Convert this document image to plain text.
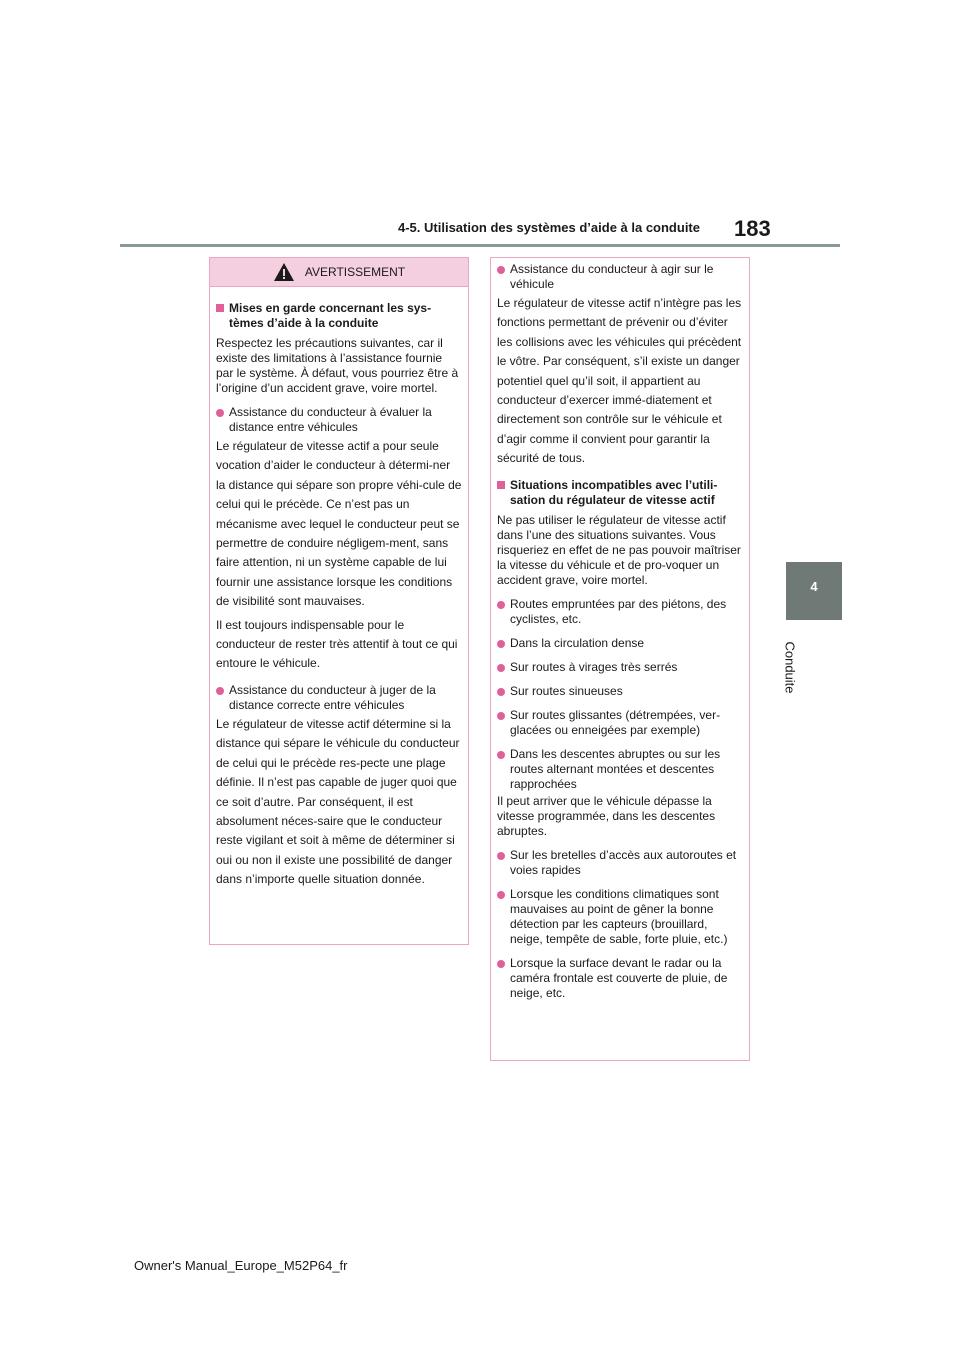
4-5. Utilisation des systèmes d’aide à la conduite 183
4
Conduite
AVERTISSEMENT
Mises en garde concernant les sys-tèmes d’aide à la conduite

Respectez les précautions suivantes, car il existe des limitations à l’assistance fournie par le système. À défaut, vous pourriez être à l’origine d’un accident grave, voire mortel.

Assistance du conducteur à évaluer la distance entre véhicules

Le régulateur de vitesse actif a pour seule vocation d’aider le conducteur à détermi-ner la distance qui sépare son propre véhi-cule de celui qui le précède. Ce n’est pas un mécanisme avec lequel le conducteur peut se permettre de conduire négligem-ment, sans faire attention, ni un système capable de lui fournir une assistance lorsque les conditions de visibilité sont mauvaises.

Il est toujours indispensable pour le conducteur de rester très attentif à tout ce qui entoure le véhicule.

Assistance du conducteur à juger de la distance correcte entre véhicules

Le régulateur de vitesse actif détermine si la distance qui sépare le véhicule du conducteur de celui qui le précède res-pecte une plage définie. Il n’est pas capable de juger quoi que ce soit d’autre. Par conséquent, il est absolument néces-saire que le conducteur reste vigilant et soit à même de déterminer si oui ou non il existe une possibilité de danger dans n’importe quelle situation donnée.

Assistance du conducteur à agir sur le véhicule

Le régulateur de vitesse actif n’intègre pas les fonctions permettant de prévenir ou d’éviter les collisions avec les véhicules qui précèdent le vôtre. Par conséquent, s’il existe un danger potentiel quel qu’il soit, il appartient au conducteur d’exercer immé-diatement et directement son contrôle sur le véhicule et d’agir comme il convient pour garantir la sécurité de tous.

Situations incompatibles avec l’utili-sation du régulateur de vitesse actif

Ne pas utiliser le régulateur de vitesse actif dans l’une des situations suivantes. Vous risqueriez en effet de ne pas pouvoir maîtriser la vitesse du véhicule et de pro-voquer un accident grave, voire mortel.

Routes empruntées par des piétons, des cyclistes, etc.
Dans la circulation dense
Sur routes à virages très serrés
Sur routes sinueuses
Sur routes glissantes (détrempées, ver-glacées ou enneigées par exemple)
Dans les descentes abruptes ou sur les routes alternant montées et descentes rapprochées

Il peut arriver que le véhicule dépasse la vitesse programmée, dans les descentes abruptes.

Sur les bretelles d’accès aux autoroutes et voies rapides
Lorsque les conditions climatiques sont mauvaises au point de gêner la bonne détection par les capteurs (brouillard, neige, tempête de sable, forte pluie, etc.)
Lorsque la surface devant le radar ou la caméra frontale est couverte de pluie, de neige, etc.
Owner's Manual_Europe_M52P64_fr
